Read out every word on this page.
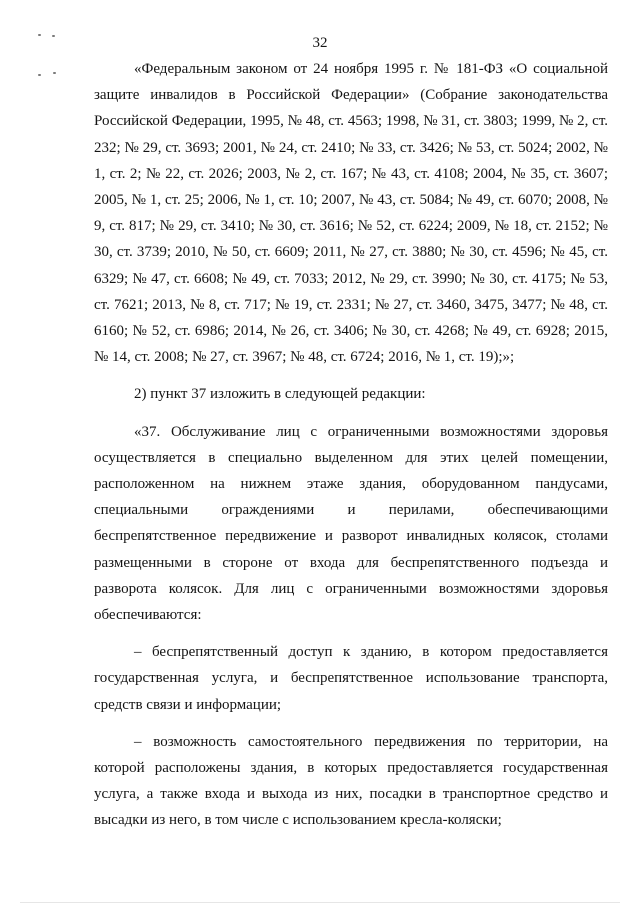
32

«Федеральным законом от 24 ноября 1995 г. № 181-ФЗ «О социальной защите инвалидов в Российской Федерации» (Собрание законодательства Российской Федерации, 1995, № 48, ст. 4563; 1998, № 31, ст. 3803; 1999, № 2, ст. 232; № 29, ст. 3693; 2001, № 24, ст. 2410; № 33, ст. 3426; № 53, ст. 5024; 2002, № 1, ст. 2; № 22, ст. 2026; 2003, № 2, ст. 167; № 43, ст. 4108; 2004, № 35, ст. 3607; 2005, № 1, ст. 25; 2006, № 1, ст. 10; 2007, № 43, ст. 5084; № 49, ст. 6070; 2008, № 9, ст. 817; № 29, ст. 3410; № 30, ст. 3616; № 52, ст. 6224; 2009, № 18, ст. 2152; № 30, ст. 3739; 2010, № 50, ст. 6609; 2011, № 27, ст. 3880; № 30, ст. 4596; № 45, ст. 6329; № 47, ст. 6608; № 49, ст. 7033; 2012, № 29, ст. 3990; № 30, ст. 4175; № 53, ст. 7621; 2013, № 8, ст. 717; № 19, ст. 2331; № 27, ст. 3460, 3475, 3477; № 48, ст. 6160; № 52, ст. 6986; 2014, № 26, ст. 3406; № 30, ст. 4268; № 49, ст. 6928; 2015, № 14, ст. 2008; № 27, ст. 3967; № 48, ст. 6724; 2016, № 1, ст. 19);»;

2) пункт 37 изложить в следующей редакции:

«37. Обслуживание лиц с ограниченными возможностями здоровья осуществляется в специально выделенном для этих целей помещении, расположенном на нижнем этаже здания, оборудованном пандусами, специальными ограждениями и перилами, обеспечивающими беспрепятственное передвижение и разворот инвалидных колясок, столами размещенными в стороне от входа для беспрепятственного подъезда и разворота колясок. Для лиц с ограниченными возможностями здоровья обеспечиваются:

– беспрепятственный доступ к зданию, в котором предоставляется государственная услуга, и беспрепятственное использование транспорта, средств связи и информации;

– возможность самостоятельного передвижения по территории, на которой расположены здания, в которых предоставляется государственная услуга, а также входа и выхода из них, посадки в транспортное средство и высадки из него, в том числе с использованием кресла-коляски;
